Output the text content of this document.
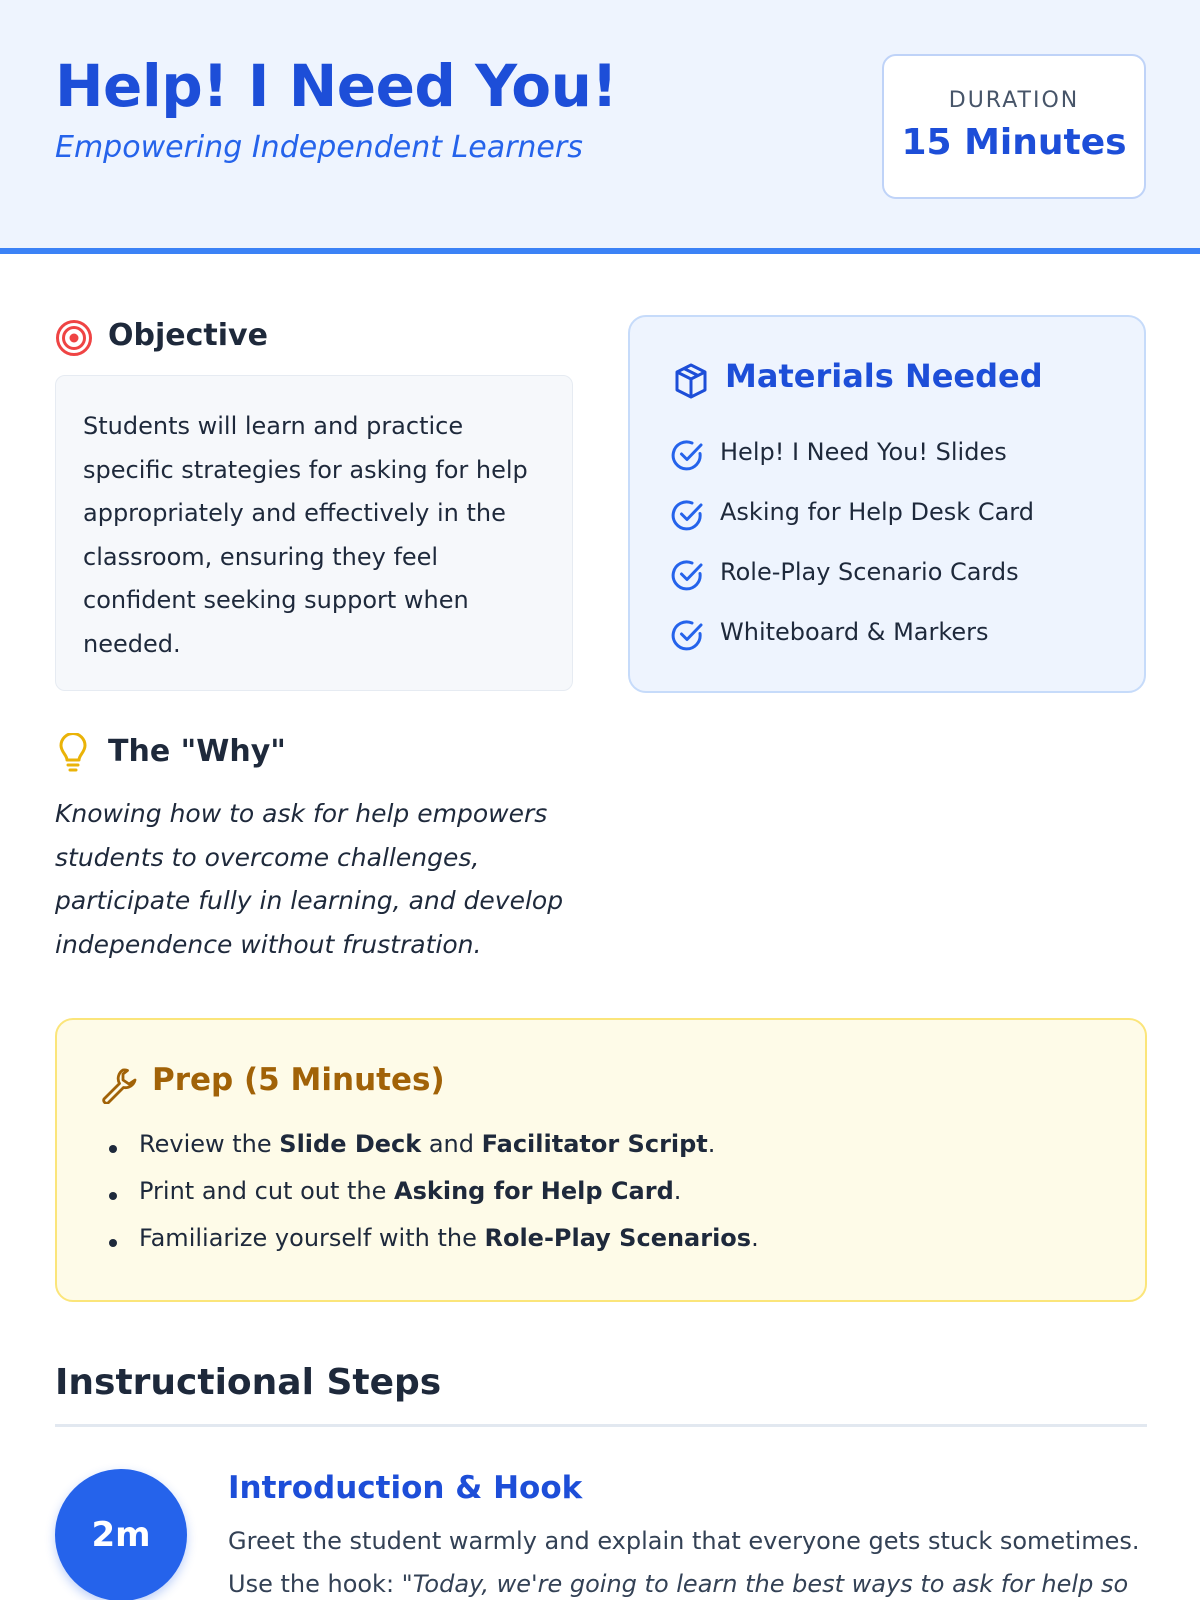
Help! I Need You!
Empowering Independent Learners
DURATION
15 Minutes
Objective
Students will learn and practice specific strategies for asking for help appropriately and effectively in the classroom, ensuring they feel confident seeking support when needed.
Materials Needed
Help! I Need You! Slides
Asking for Help Desk Card
Role-Play Scenario Cards
Whiteboard & Markers
The "Why"
Knowing how to ask for help empowers students to overcome challenges, participate fully in learning, and develop independence without frustration.
Prep (5 Minutes)
Review the Slide Deck and Facilitator Script.
Print and cut out the Asking for Help Card.
Familiarize yourself with the Role-Play Scenarios.
Instructional Steps
2m
Introduction & Hook
Greet the student warmly and explain that everyone gets stuck sometimes. Use the hook: "Today, we're going to learn the best ways to ask for help so
